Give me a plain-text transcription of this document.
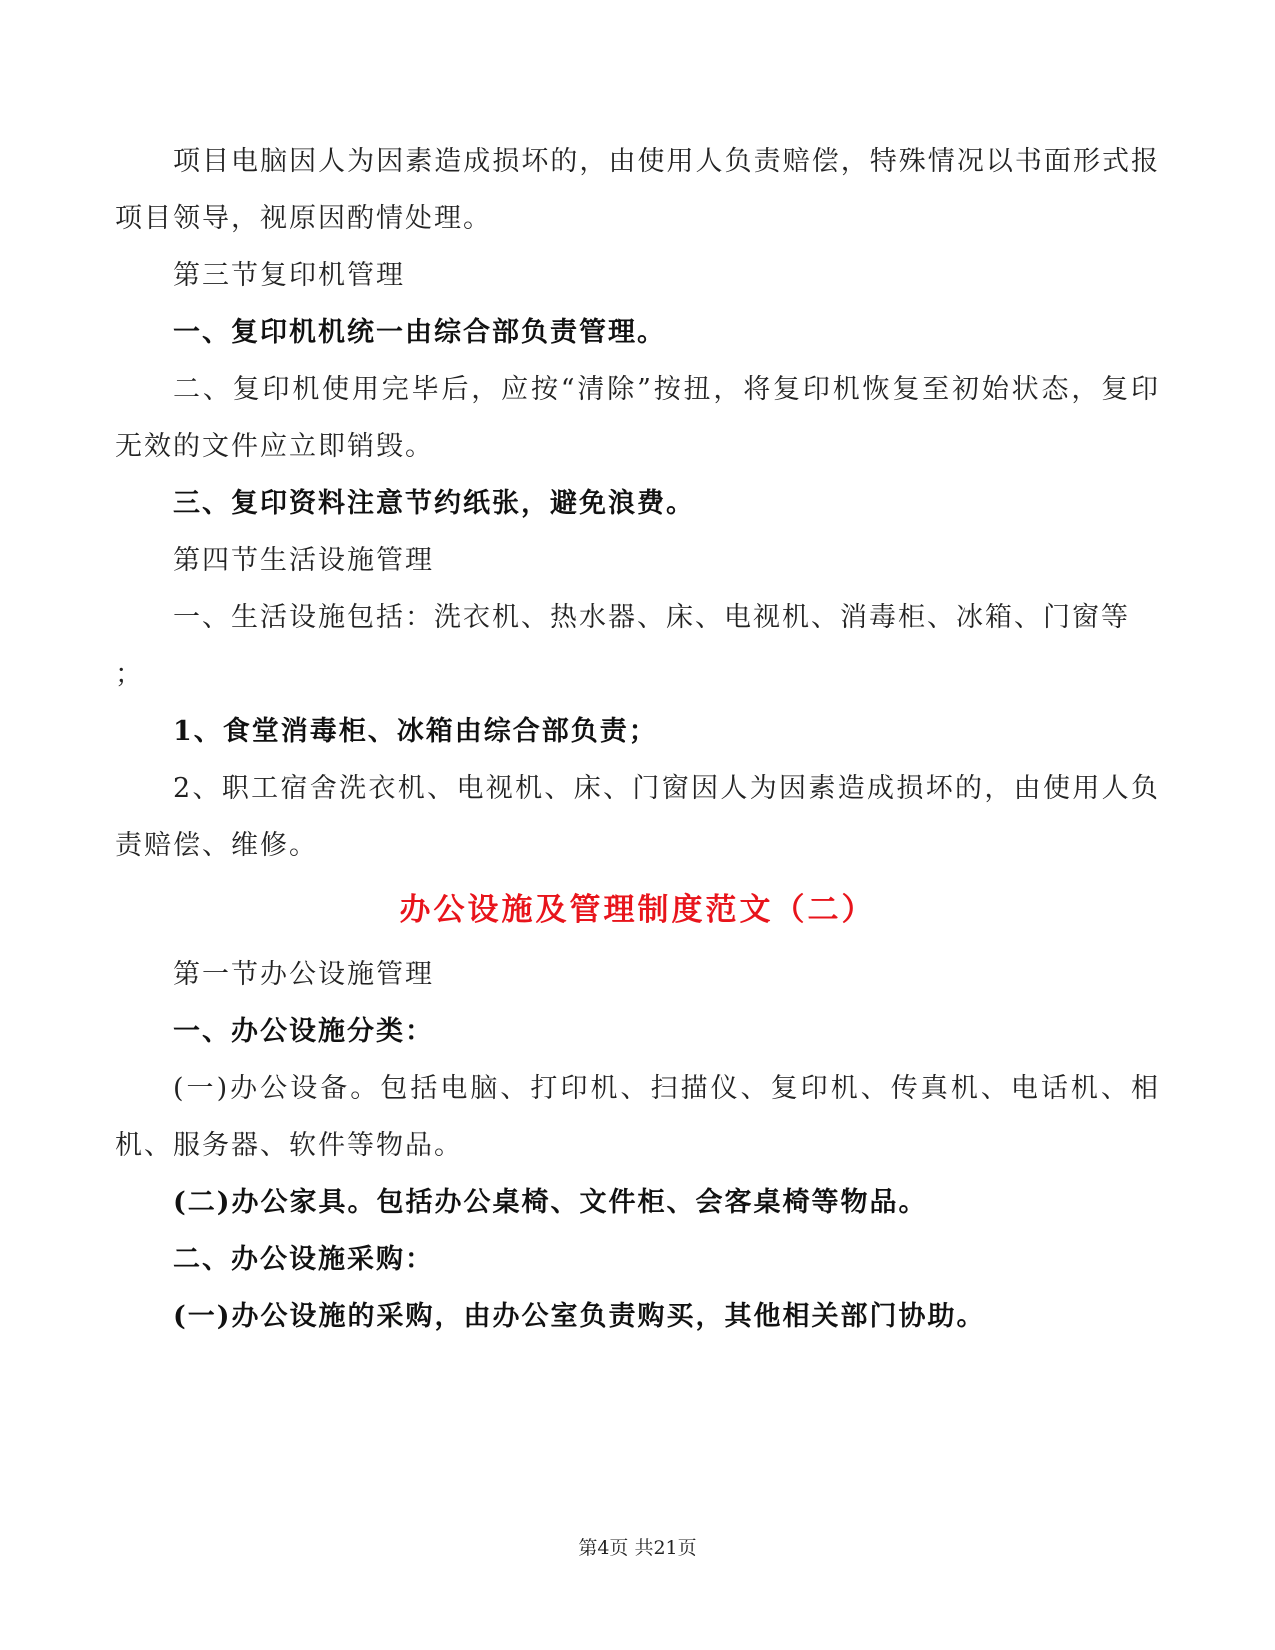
项目电脑因人为因素造成损坏的，由使用人负责赔偿，特殊情况以书面形式报项目领导，视原因酌情处理。

第三节复印机管理

一、复印机机统一由综合部负责管理。

二、复印机使用完毕后，应按“清除”按扭，将复印机恢复至初始状态，复印无效的文件应立即销毁。

三、复印资料注意节约纸张，避免浪费。

第四节生活设施管理

一、生活设施包括：洗衣机、热水器、床、电视机、消毒柜、冰箱、门窗等

；

1、食堂消毒柜、冰箱由综合部负责；

2、职工宿舍洗衣机、电视机、床、门窗因人为因素造成损坏的，由使用人负责赔偿、维修。

办公设施及管理制度范文（二）

第一节办公设施管理

一、办公设施分类：

(一)办公设备。包括电脑、打印机、扫描仪、复印机、传真机、电话机、相机、服务器、软件等物品。

(二)办公家具。包括办公桌椅、文件柜、会客桌椅等物品。

二、办公设施采购：

(一)办公设施的采购，由办公室负责购买，其他相关部门协助。

第4页 共21页
